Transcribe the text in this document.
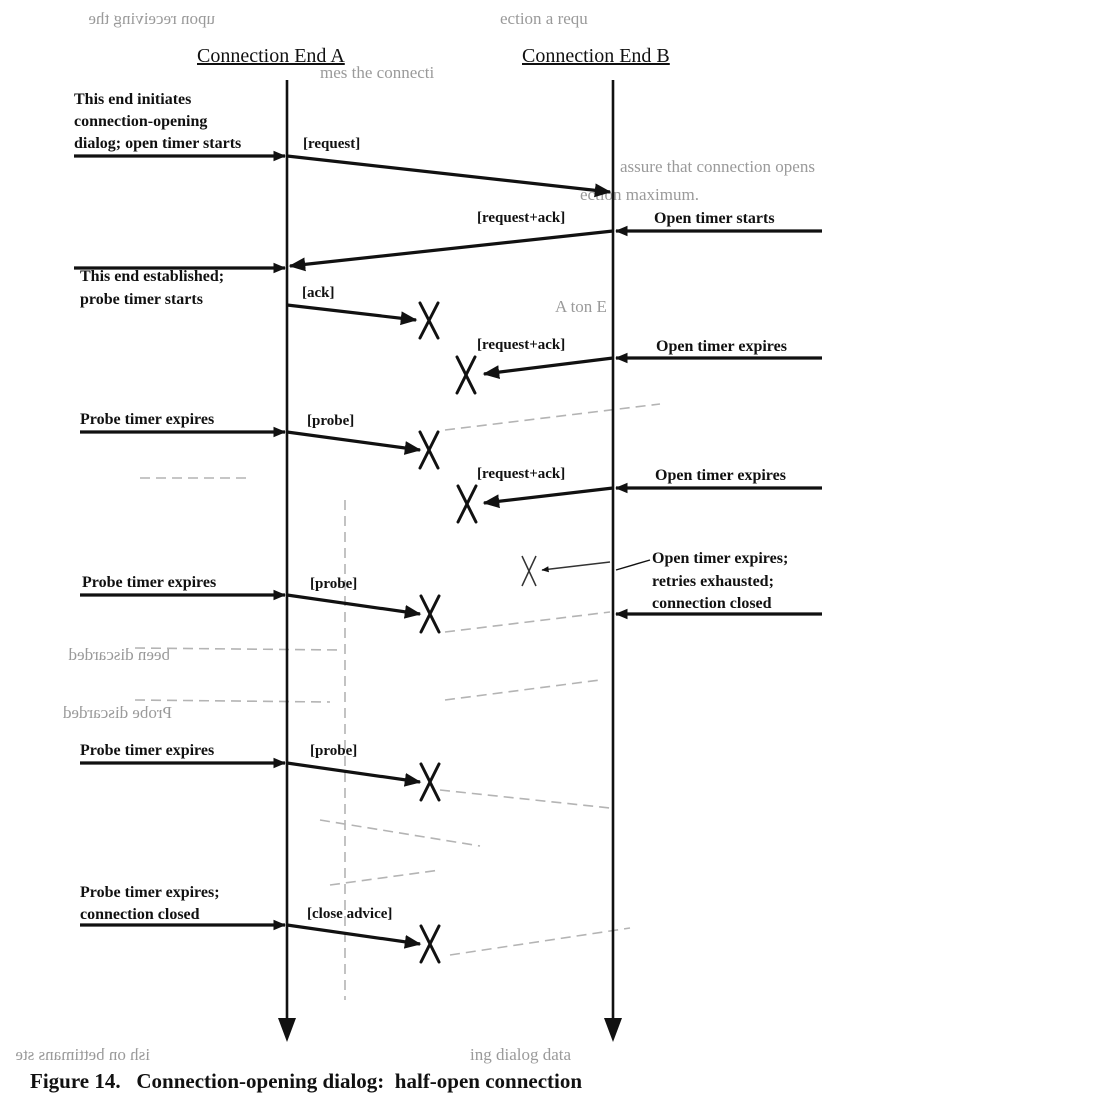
upon receiving the	ection a requ
mes the connecti
assure that connection opens
ection maximum.
A ton E
been discarded
Probe discarded
ish on bettimans ste	ing dialog data
Connection End A	Connection End B
This end initiates
connection-opening
dialog; open timer starts
This end established;
probe timer starts
Probe timer expires
Probe timer expires
Probe timer expires
Probe timer expires;
connection closed
Open timer starts
Open timer expires
Open timer expires
Open timer expires;
retries exhausted;
connection closed
[request]
[request+ack]
[ack]
[request+ack]
[probe]
[request+ack]
[probe]
[probe]
[close advice]
Figure 14.   Connection-opening dialog:  half-open connection
